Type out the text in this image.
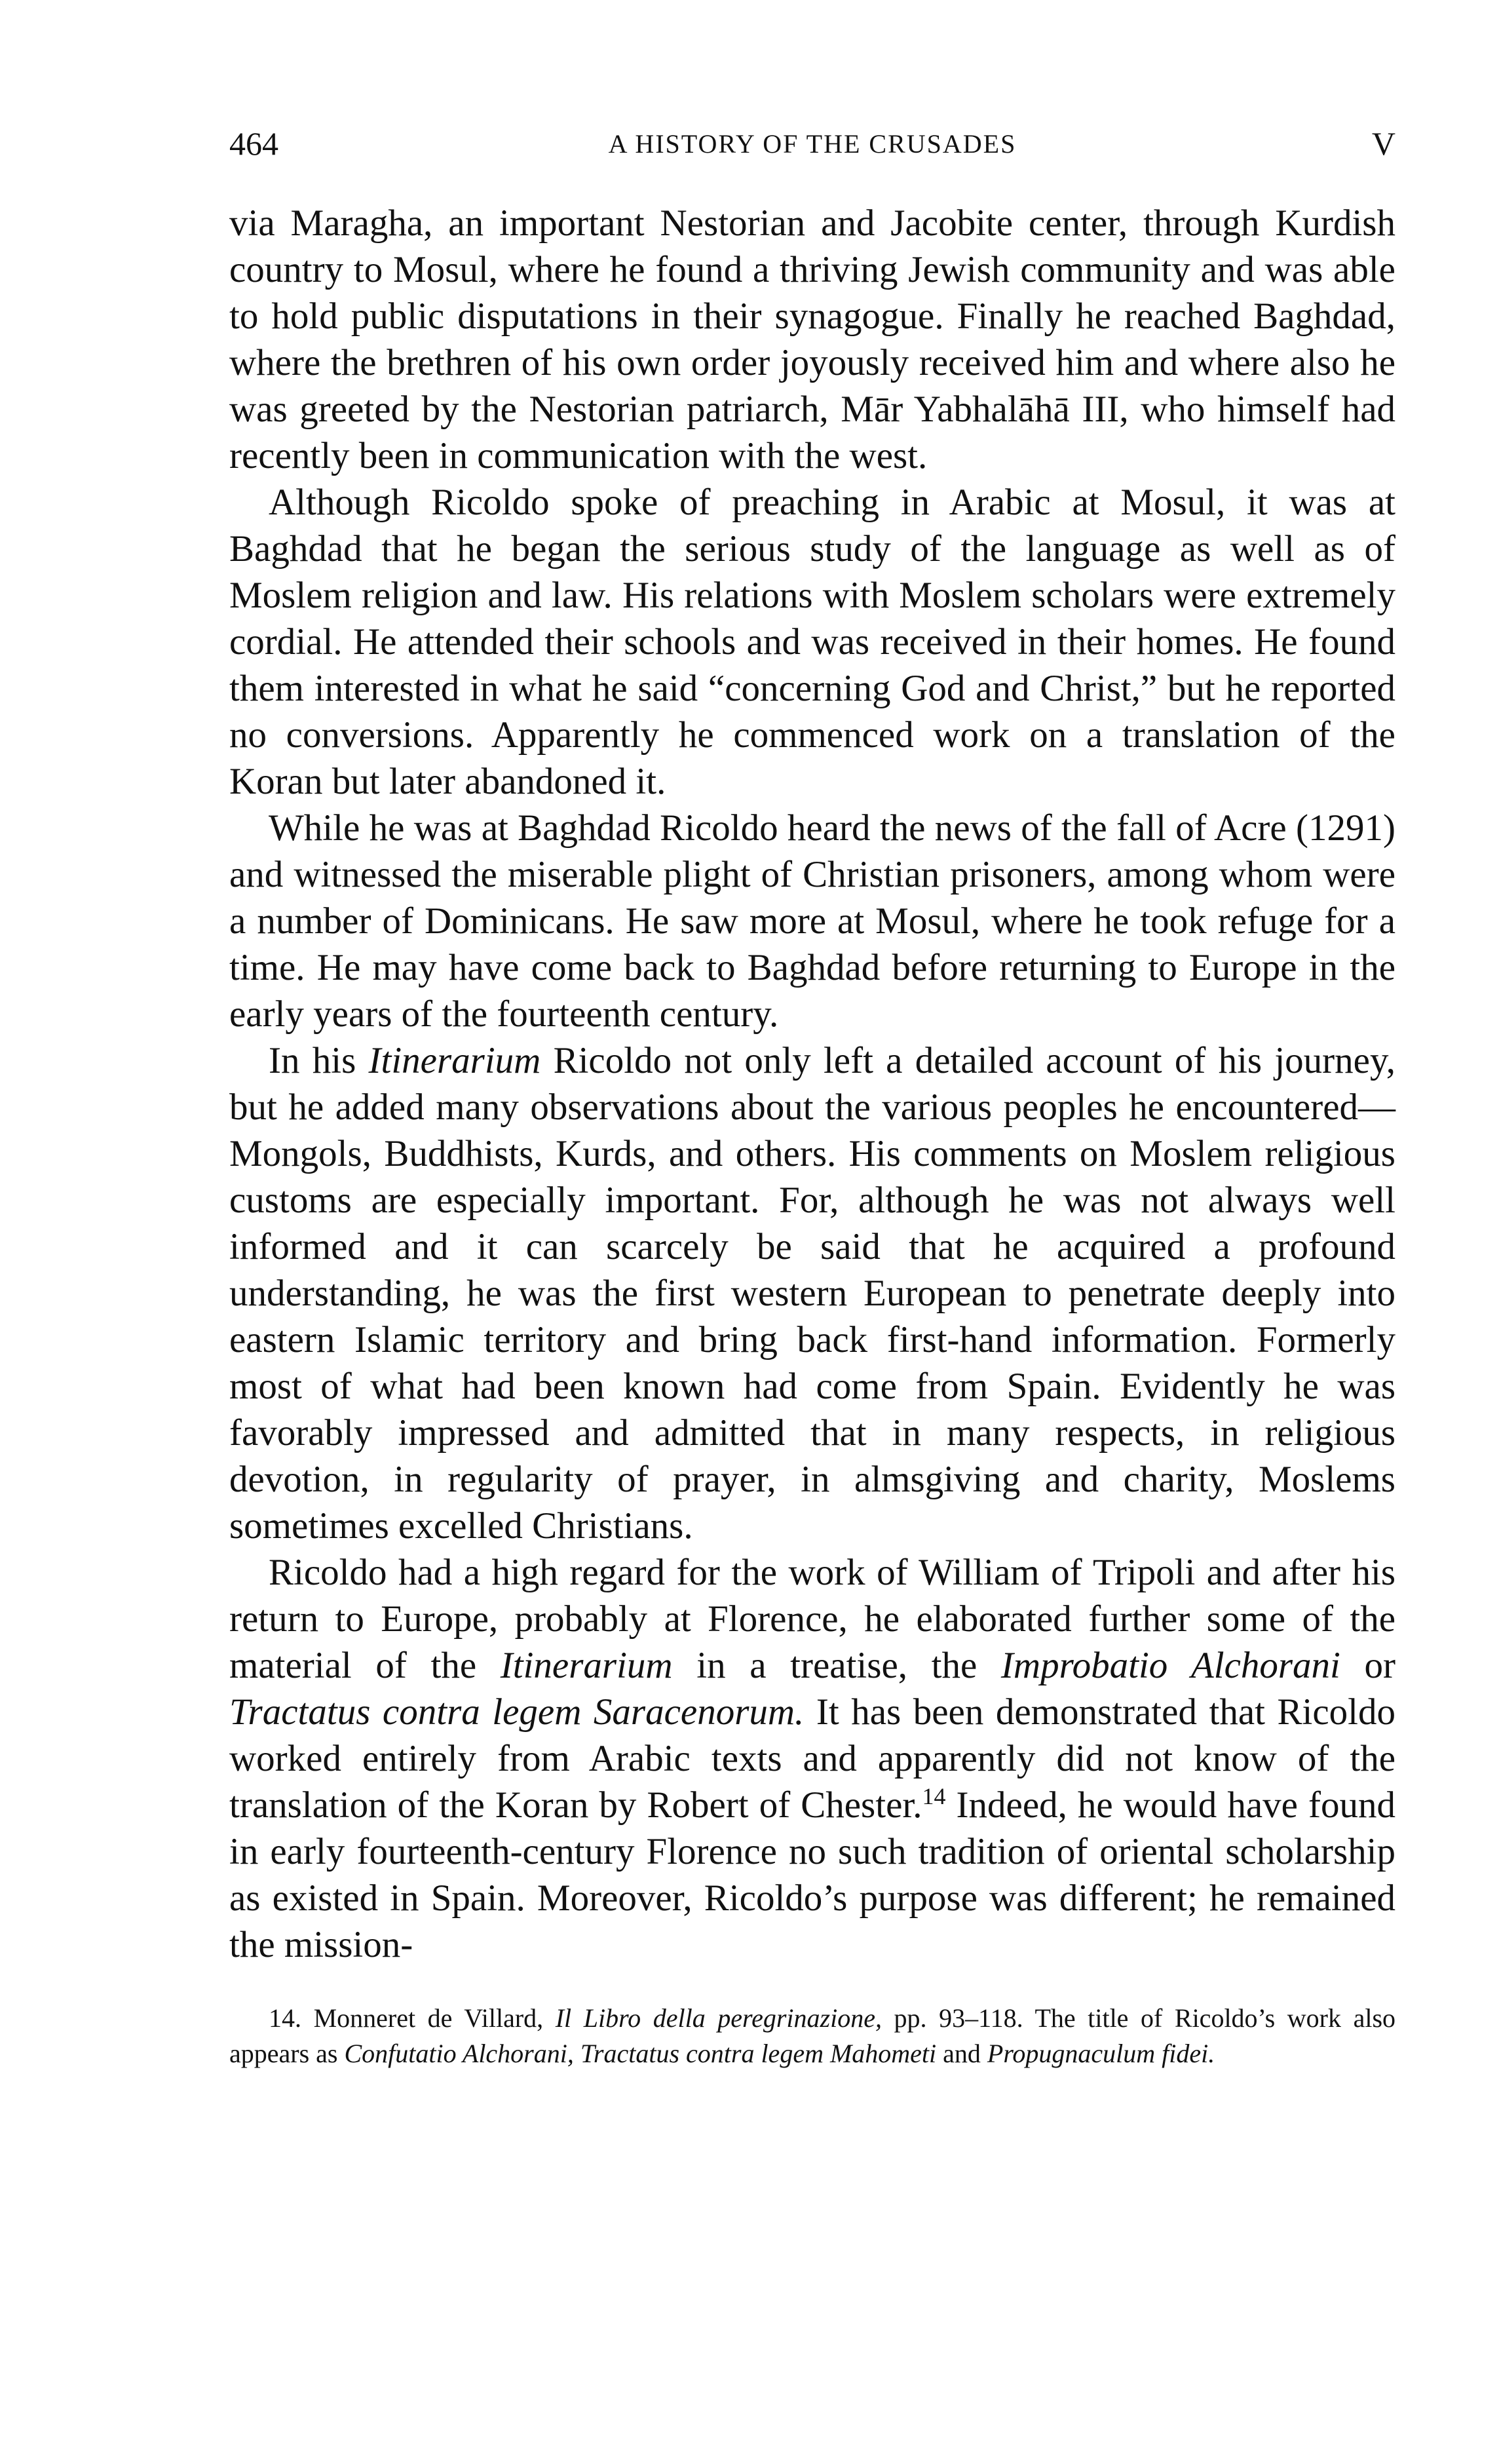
464	A HISTORY OF THE CRUSADES	V

via Maragha, an important Nestorian and Jacobite center, through Kurdish country to Mosul, where he found a thriving Jewish community and was able to hold public disputations in their synagogue. Finally he reached Baghdad, where the brethren of his own order joyously received him and where also he was greeted by the Nestorian patriarch, Mār Yabhalāhā III, who himself had recently been in communication with the west.

Although Ricoldo spoke of preaching in Arabic at Mosul, it was at Baghdad that he began the serious study of the language as well as of Moslem religion and law. His relations with Moslem scholars were extremely cordial. He attended their schools and was received in their homes. He found them interested in what he said “concerning God and Christ,” but he reported no conversions. Apparently he commenced work on a translation of the Koran but later abandoned it.

While he was at Baghdad Ricoldo heard the news of the fall of Acre (1291) and witnessed the miserable plight of Christian prisoners, among whom were a number of Dominicans. He saw more at Mosul, where he took refuge for a time. He may have come back to Baghdad before returning to Europe in the early years of the fourteenth century.

In his Itinerarium Ricoldo not only left a detailed account of his journey, but he added many observations about the various peoples he encountered—Mongols, Buddhists, Kurds, and others. His comments on Moslem religious customs are especially important. For, although he was not always well informed and it can scarcely be said that he acquired a profound understanding, he was the first western European to penetrate deeply into eastern Islamic territory and bring back first-hand information. Formerly most of what had been known had come from Spain. Evidently he was favorably impressed and admitted that in many respects, in religious devotion, in regularity of prayer, in almsgiving and charity, Moslems sometimes excelled Christians.

Ricoldo had a high regard for the work of William of Tripoli and after his return to Europe, probably at Florence, he elaborated further some of the material of the Itinerarium in a treatise, the Improbatio Alchorani or Tractatus contra legem Saracenorum. It has been demonstrated that Ricoldo worked entirely from Arabic texts and apparently did not know of the translation of the Koran by Robert of Chester.$^{14}$ Indeed, he would have found in early fourteenth-century Florence no such tradition of oriental scholarship as existed in Spain. Moreover, Ricoldo’s purpose was different; he remained the mission-

14. Monneret de Villard, Il Libro della peregrinazione, pp. 93–118. The title of Ricoldo’s work also appears as Confutatio Alchorani, Tractatus contra legem Mahometi and Propugnaculum fidei.
